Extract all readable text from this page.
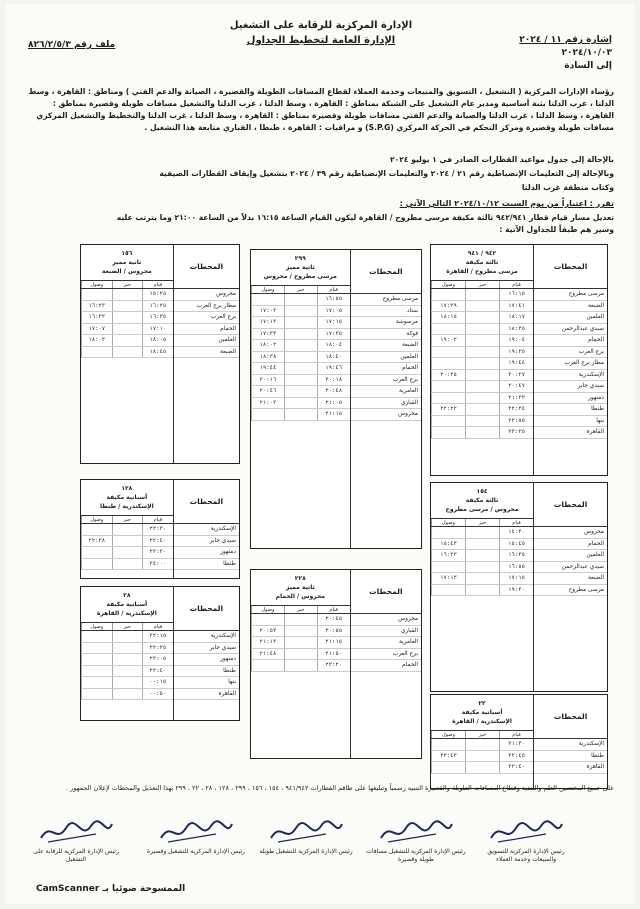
الإدارة المركزية للرقابة على التشغيل
الإدارة العامة لتخطيط الجداول	إشارة رقم ١١ / ٢٠٢٤
٢٠٢٤/١٠/٠٣
إلى السادة
ملف رقم ٨٢٦/٢/٥/٣
رؤساء الإدارات المركزية ( التشغيل ، التسويق والمبيعات وخدمة العملاء لقطاع المسافات الطويلة والقصيرة ، الصيانة والدعم الفني ) ومناطق : القاهرة ، وسط الدلتا ، غرب الدلتا بثبة أساسية ومدير عام التشغيل على الشبكة بمناطق : القاهرة ، وسط الدلتا ، غرب الدلتا والتشغيل مسافات طويلة وقصيرة بمناطق : القاهرة ، وسط الدلتا ، غرب الدلتا والصيانة والدعم الفني مسافات طويلة وقصيرة بمناطق : القاهرة ، وسط الدلتا ، غرب الدلتا والتخطيط والتشغيل المركزي مسافات طويلة وقصيرة ومركز التحكم في الحركة المركزي (S.P.G) و مراقبات : القاهرة ، طنطا ، القباري متابعة هذا التشغيل .
بالإحالة إلى جدول مواعيد القطارات الصادر في ١ يوليو ٢٠٢٤
وبالإحالة إلى التعليمات الإنضباطية رقم ٢١ / ٢٠٢٤ والتعليمات الإنضباطية رقم ٣٩ / ٢٠٢٤ بتشغيل وإيقاف القطارات الصيفية
وكتاب منطقة غرب الدلتا
تقرر : اعتباراً من يوم السبت ٢٠٢٤/١٠/١٢ التالي الآتي :
تعديل مسار قيام قطار ٩٤٢/٩٤١ ثالثة مكيفة مرسى مطروح / القاهرة ليكون القيام الساعة ١٦:١٥ بدلاً من الساعة ٢١:٠٠ وما يترتب عليه
وسير هم طبقاً للجداول الآتية :
المحطات
مرسى مطروح
الضبعة
العلمين
سيدي عبدالرحمن
الحمام
برج العرب
مطار برج العرب
الإسكندرية
سيدي جابر
دمنهور
طنطا
بنها
القاهرة
٩٤٢ / ٩٤١
ثالثة مكيفة
مرسى مطروح / القاهرة
قيام
حيز
وصول
١٦:١٥
١٧:٤١
١٧:٣٩
١٨:١٧
١٨:١٥
١٨:٢٥
١٩:٠٤
١٩:٠٢
١٩:٣٥
١٩:٤٤
٢٠:٣٧
٢٠:٢٥
٢٠:٤٧
٢١:٣٢
٢٢:٢٤
٢٢:٢٢
٢٢:٥٥
٢٣:٣٥
المحطات
مرسى مطروح
ستاد
مرسوشة
فوكة
الضبعة
العلمين
الحمام
برج العرب
العامرية
القباري
محروس
٢٩٩
ثانية مميز
مرسى مطروح / محروس
قيام
حيز
وصول
١٦:٥٥
١٧:٠٥
١٧:٠٣
١٧:١٥
١٧:١٣
١٧:٣٥
١٧:٣٣
١٨:٠٤
١٨:٠٢
١٨:٤٠
١٨:٣٨
١٩:٤٦
١٩:٤٤
٢٠:١٨
٢٠:١٦
٢٠:٤٨
٢٠:٤٦
٢١:٠٥
٢١:٠٣
٢١:١٥
المحطات
محروس
مطار برج العرب
برج العرب
الحمام
العلمين
الضبعة
١٥٦
ثانية مميز
محروس / الضبعة
قيام
حيز
وصول
١٥:٢٥
١٦:٢٥
١٦:٢٣
١٦:٣٥
١٦:٣٣
١٧:١٠
١٧:٠٧
١٨:٠٥
١٨:٠٣
١٨:٤٥
المحطات
محروس
الحمام
العلمين
سيدي عبدالرحمن
الضبعة
مرسى مطروح
١٥٤
ثالثة مكيفة
محروس / مرسى مطروح
قيام
حيز
وصول
١٤:٣٠
١٥:٤٥
١٥:٤٣
١٦:٣٥
١٦:٣٣
١٦:٥٥
١٧:١٥
١٧:١٣
١٩:٣٠
المحطات
الإسكندرية
سيدي جابر
دمنهور
طنطا
١٢٨
أسبانية مكيفة
الإسكندرية / طنطا
قيام
حيز
وصول
٢٢:٣٠
٢٢:٤٠
٢٢:٣٨
٢٣:٢٠
٢٤:٠٠
المحطات
الإسكندرية
سيدي جابر
دمنهور
طنطا
بنها
القاهرة
٢٨
أسبانية مكيفة
الإسكندرية / القاهرة
قيام
حيز
وصول
٢٢:١٥
٢٢:٢٥
٢٣:٠٥
٢٣:٤٠
٠٠:١٥
٠٠:٥٠
المحطات
محروس
القباري
العامرية
برج العرب
الحمام
٢٢٨
ثانية مميز
محروس / الحمام
قيام
حيز
وصول
٢٠:٤٥
٢٠:٥٥
٢٠:٥٣
٢١:١٥
٢١:١٣
٢١:٥٠
٢١:٤٨
٢٢:٢٠
المحطات
الإسكندرية
طنطا
القاهرة
٢٢
أسبانية مكيفة
الإسكندرية / القاهرة
قيام
حيز
وصول
٢١:٣٠
٢٢:٤٥
٢٢:٤٣
٢٣:٤٠
على جميع المختصين العلم والتنفيذ وقطاع المسافات الطويلة والقصيرة التنبيه رسمياً وتبليغها على طاقم القطارات ٩٤١/٩٤٢ ، ١٥٤ ، ١٥٦ ، ٢٩٩ ، ١٢٨ ، ٢٨ ، ٢٢ ، ٢٩٩ بهذا التعديل والمحطات لإعلان الجمهور .
رئيس الإدارة المركزية للتسويق والمبيعات وخدمة العملاء
رئيس الإدارة المركزية للتشغيل مسافات طويلة وقصيرة
رئيس الإدارة المركزية للتشغيل طويلة
رئيس الإدارة المركزية للتشغيل وقصيرة
رئيس الإدارة المركزية للرقابة على التشغيل
CamScanner الممسوحة ضوئيا بـ
